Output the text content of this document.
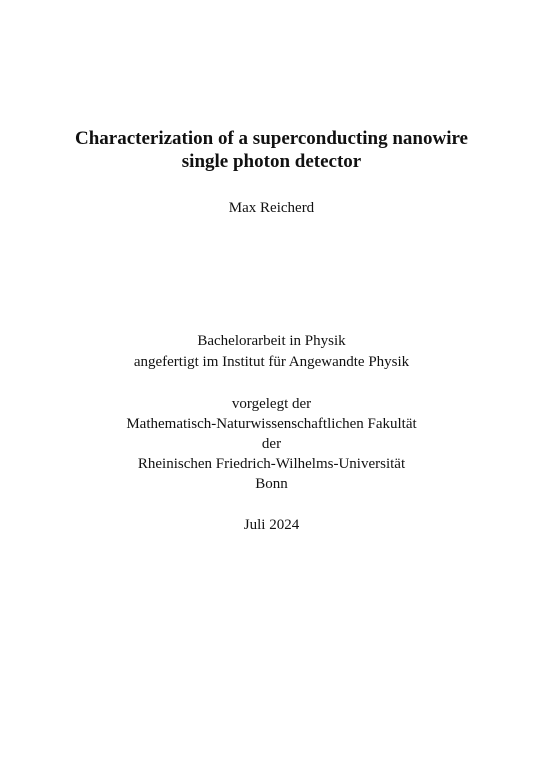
Characterization of a superconducting nanowire
single photon detector
Max Reicherd
Bachelorarbeit in Physik
angefertigt im Institut für Angewandte Physik
vorgelegt der
Mathematisch-Naturwissenschaftlichen Fakultät
der
Rheinischen Friedrich-Wilhelms-Universität
Bonn
Juli 2024
